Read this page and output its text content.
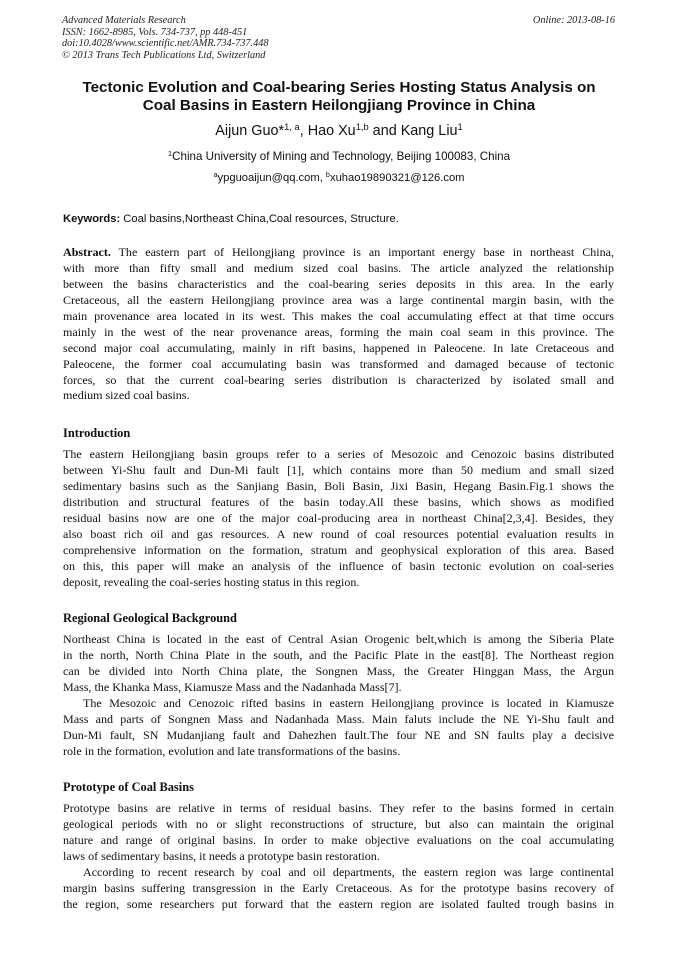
Advanced Materials Research
ISSN: 1662-8985, Vols. 734-737, pp 448-451
doi:10.4028/www.scientific.net/AMR.734-737.448
© 2013 Trans Tech Publications Ltd, Switzerland
Online: 2013-08-16
Tectonic Evolution and Coal-bearing Series Hosting Status Analysis on
Coal Basins in Eastern Heilongjiang Province in China
Aijun Guo*$^{1, a}$, Hao Xu$^{1,b}$ and Kang Liu$^1$
$^1$China University of Mining and Technology, Beijing 100083, China
$^a$ypguoaijun@qq.com, $^b$xuhao19890321@126.com
Keywords: Coal basins,Northeast China,Coal resources, Structure.
Abstract. The eastern part of Heilongjiang province is an important energy base in northeast China,
with more than fifty small and medium sized coal basins. The article analyzed the relationship
between the basins characteristics and the coal-bearing series deposits in this area. In the early
Cretaceous, all the eastern Heilongjiang province area was a large continental margin basin, with the
main provenance area located in its west. This makes the coal accumulating effect at that time occurs
mainly in the west of the near provenance areas, forming the main coal seam in this province. The
second major coal accumulating, mainly in rift basins, happened in Paleocene. In late Cretaceous and
Paleocene, the former coal accumulating basin was transformed and damaged because of tectonic
forces, so that the current coal-bearing series distribution is characterized by isolated small and
medium sized coal basins.
Introduction
The eastern Heilongjiang basin groups refer to a series of Mesozoic and Cenozoic basins distributed
between Yi-Shu fault and Dun-Mi fault [1], which contains more than 50 medium and small sized
sedimentary basins such as the Sanjiang Basin, Boli Basin, Jixi Basin, Hegang Basin.Fig.1 shows the
distribution and structural features of the basin today.All these basins, which shows as modified
residual basins now are one of the major coal-producing area in northeast China[2,3,4]. Besides, they
also boast rich oil and gas resources. A new round of coal resources potential evaluation results in
comprehensive information on the formation, stratum and geophysical exploration of this area. Based
on this, this paper will make an analysis of the influence of basin tectonic evolution on coal-series
deposit, revealing the coal-series hosting status in this region.
Regional Geological Background
Northeast China is located in the east of Central Asian Orogenic belt,which is among the Siberia Plate
in the north, North China Plate in the south, and the Pacific Plate in the east[8]. The Northeast region
can be divided into North China plate, the Songnen Mass, the Greater Hinggan Mass, the Argun
Mass, the Khanka Mass, Kiamusze Mass and the Nadanhada Mass[7].
The Mesozoic and Cenozoic rifted basins in eastern Heilongjiang province is located in Kiamusze
Mass and parts of Songnen Mass and Nadanhada Mass. Main faluts include the NE Yi-Shu fault and
Dun-Mi fault, SN Mudanjiang fault and Dahezhen fault.The four NE and SN faults play a decisive
role in the formation, evolution and late transformations of the basins.
Prototype of Coal Basins
Prototype basins are relative in terms of residual basins. They refer to the basins formed in certain
geological periods with no or slight reconstructions of structure, but also can maintain the original
nature and range of original basins. In order to make objective evaluations on the coal accumulating
laws of sedimentary basins, it needs a prototype basin restoration.
According to recent research by coal and oil departments, the eastern region was large continental
margin basins suffering transgression in the Early Cretaceous. As for the prototype basins recovery of
the region, some researchers put forward that the eastern region are isolated faulted trough basins in
